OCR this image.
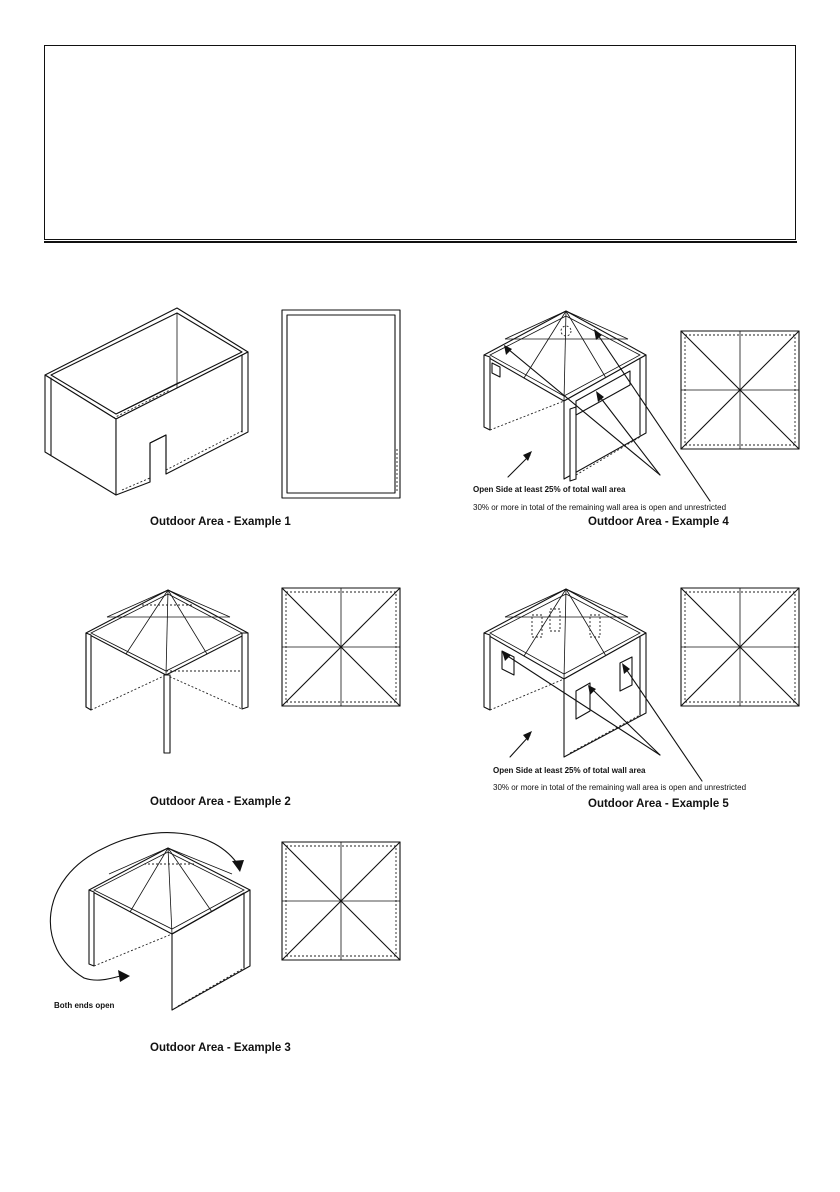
Outdoor Area - Example 1
Outdoor Area - Example 2
Both ends open
Outdoor Area - Example 3
Open Side at least 25% of total wall area
30% or more in total of the remaining wall area is open and unrestricted
Outdoor Area - Example 4
Open Side at least 25% of total wall area
30% or more in total of the remaining wall area is open and unrestricted
Outdoor Area - Example 5
